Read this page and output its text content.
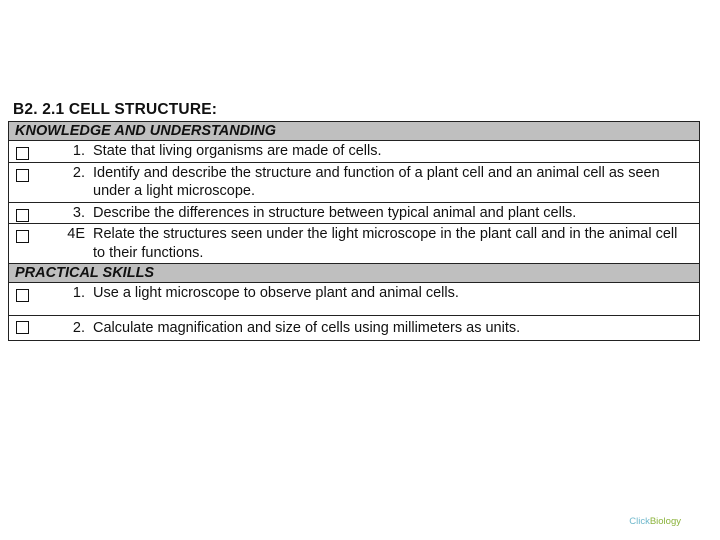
B2. 2.1 CELL STRUCTURE:
KNOWLEDGE AND UNDERSTANDING

1. State that living organisms are made of cells.

2. Identify and describe the structure and function of a plant cell and an animal cell as seen under a light microscope.

3. Describe the differences in structure between typical animal and plant cells.

4E Relate the structures seen under the light microscope in the plant call and in the animal cell to their functions.

PRACTICAL SKILLS

1. Use a light microscope to observe plant and animal cells.

2. Calculate magnification and size of cells using millimeters as units.
ClickBiology
